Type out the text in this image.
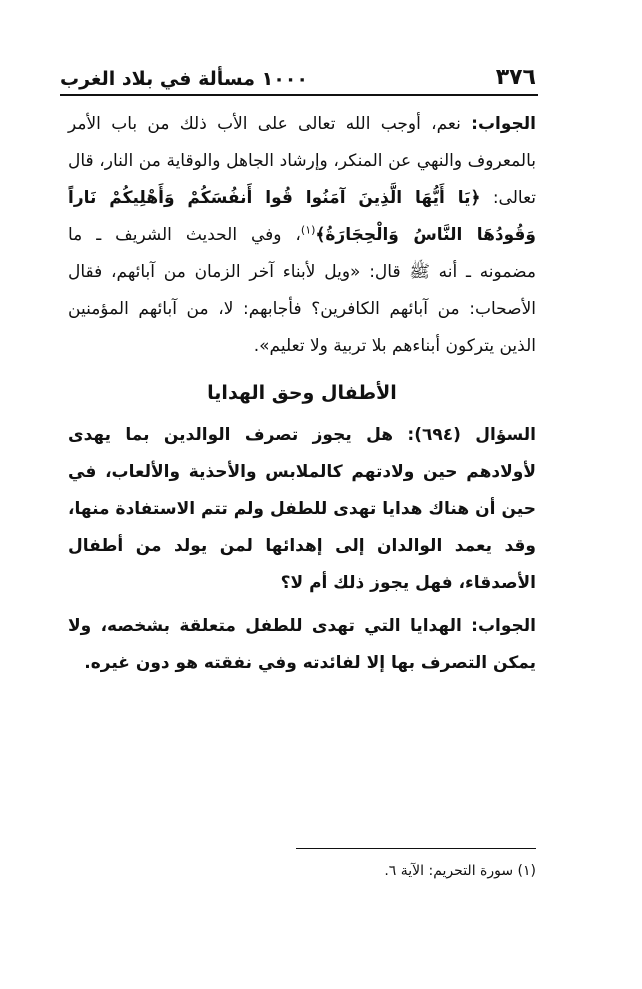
٣٧٦
١٠٠٠ مسألة في بلاد الغرب

الجواب: نعم، أوجب الله تعالى على الأب ذلك من باب الأمر بالمعروف والنهي عن المنكر، وإرشاد الجاهل والوقاية من النار، قال تعالى: ﴿يَا أَيُّهَا الَّذِينَ آمَنُوا قُوا أَنفُسَكُمْ وَأَهْلِيكُمْ نَاراً وَقُودُهَا النَّاسُ وَالْحِجَارَةُ﴾$^{(١)}$، وفي الحديث الشريف ـ ما مضمونه ـ أنه ﷺ قال: «ويل لأبناء آخر الزمان من آبائهم، فقال الأصحاب: من آبائهم الكافرين؟ فأجابهم: لا، من آبائهم المؤمنين الذين يتركون أبناءهم بلا تربية ولا تعليم».

الأطفال وحق الهدايا

السؤال (٦٩٤): هل يجوز تصرف الوالدين بما يهدى لأولادهم حين ولادتهم كالملابس والأحذية والألعاب، في حين أن هناك هدايا تهدى للطفل ولم تتم الاستفادة منها، وقد يعمد الوالدان إلى إهدائها لمن يولد من أطفال الأصدقاء، فهل يجوز ذلك أم لا؟

الجواب: الهدايا التي تهدى للطفل متعلقة بشخصه، ولا يمكن التصرف بها إلا لفائدته وفي نفقته هو دون غيره.

(١) سورة التحريم: الآية ٦.
